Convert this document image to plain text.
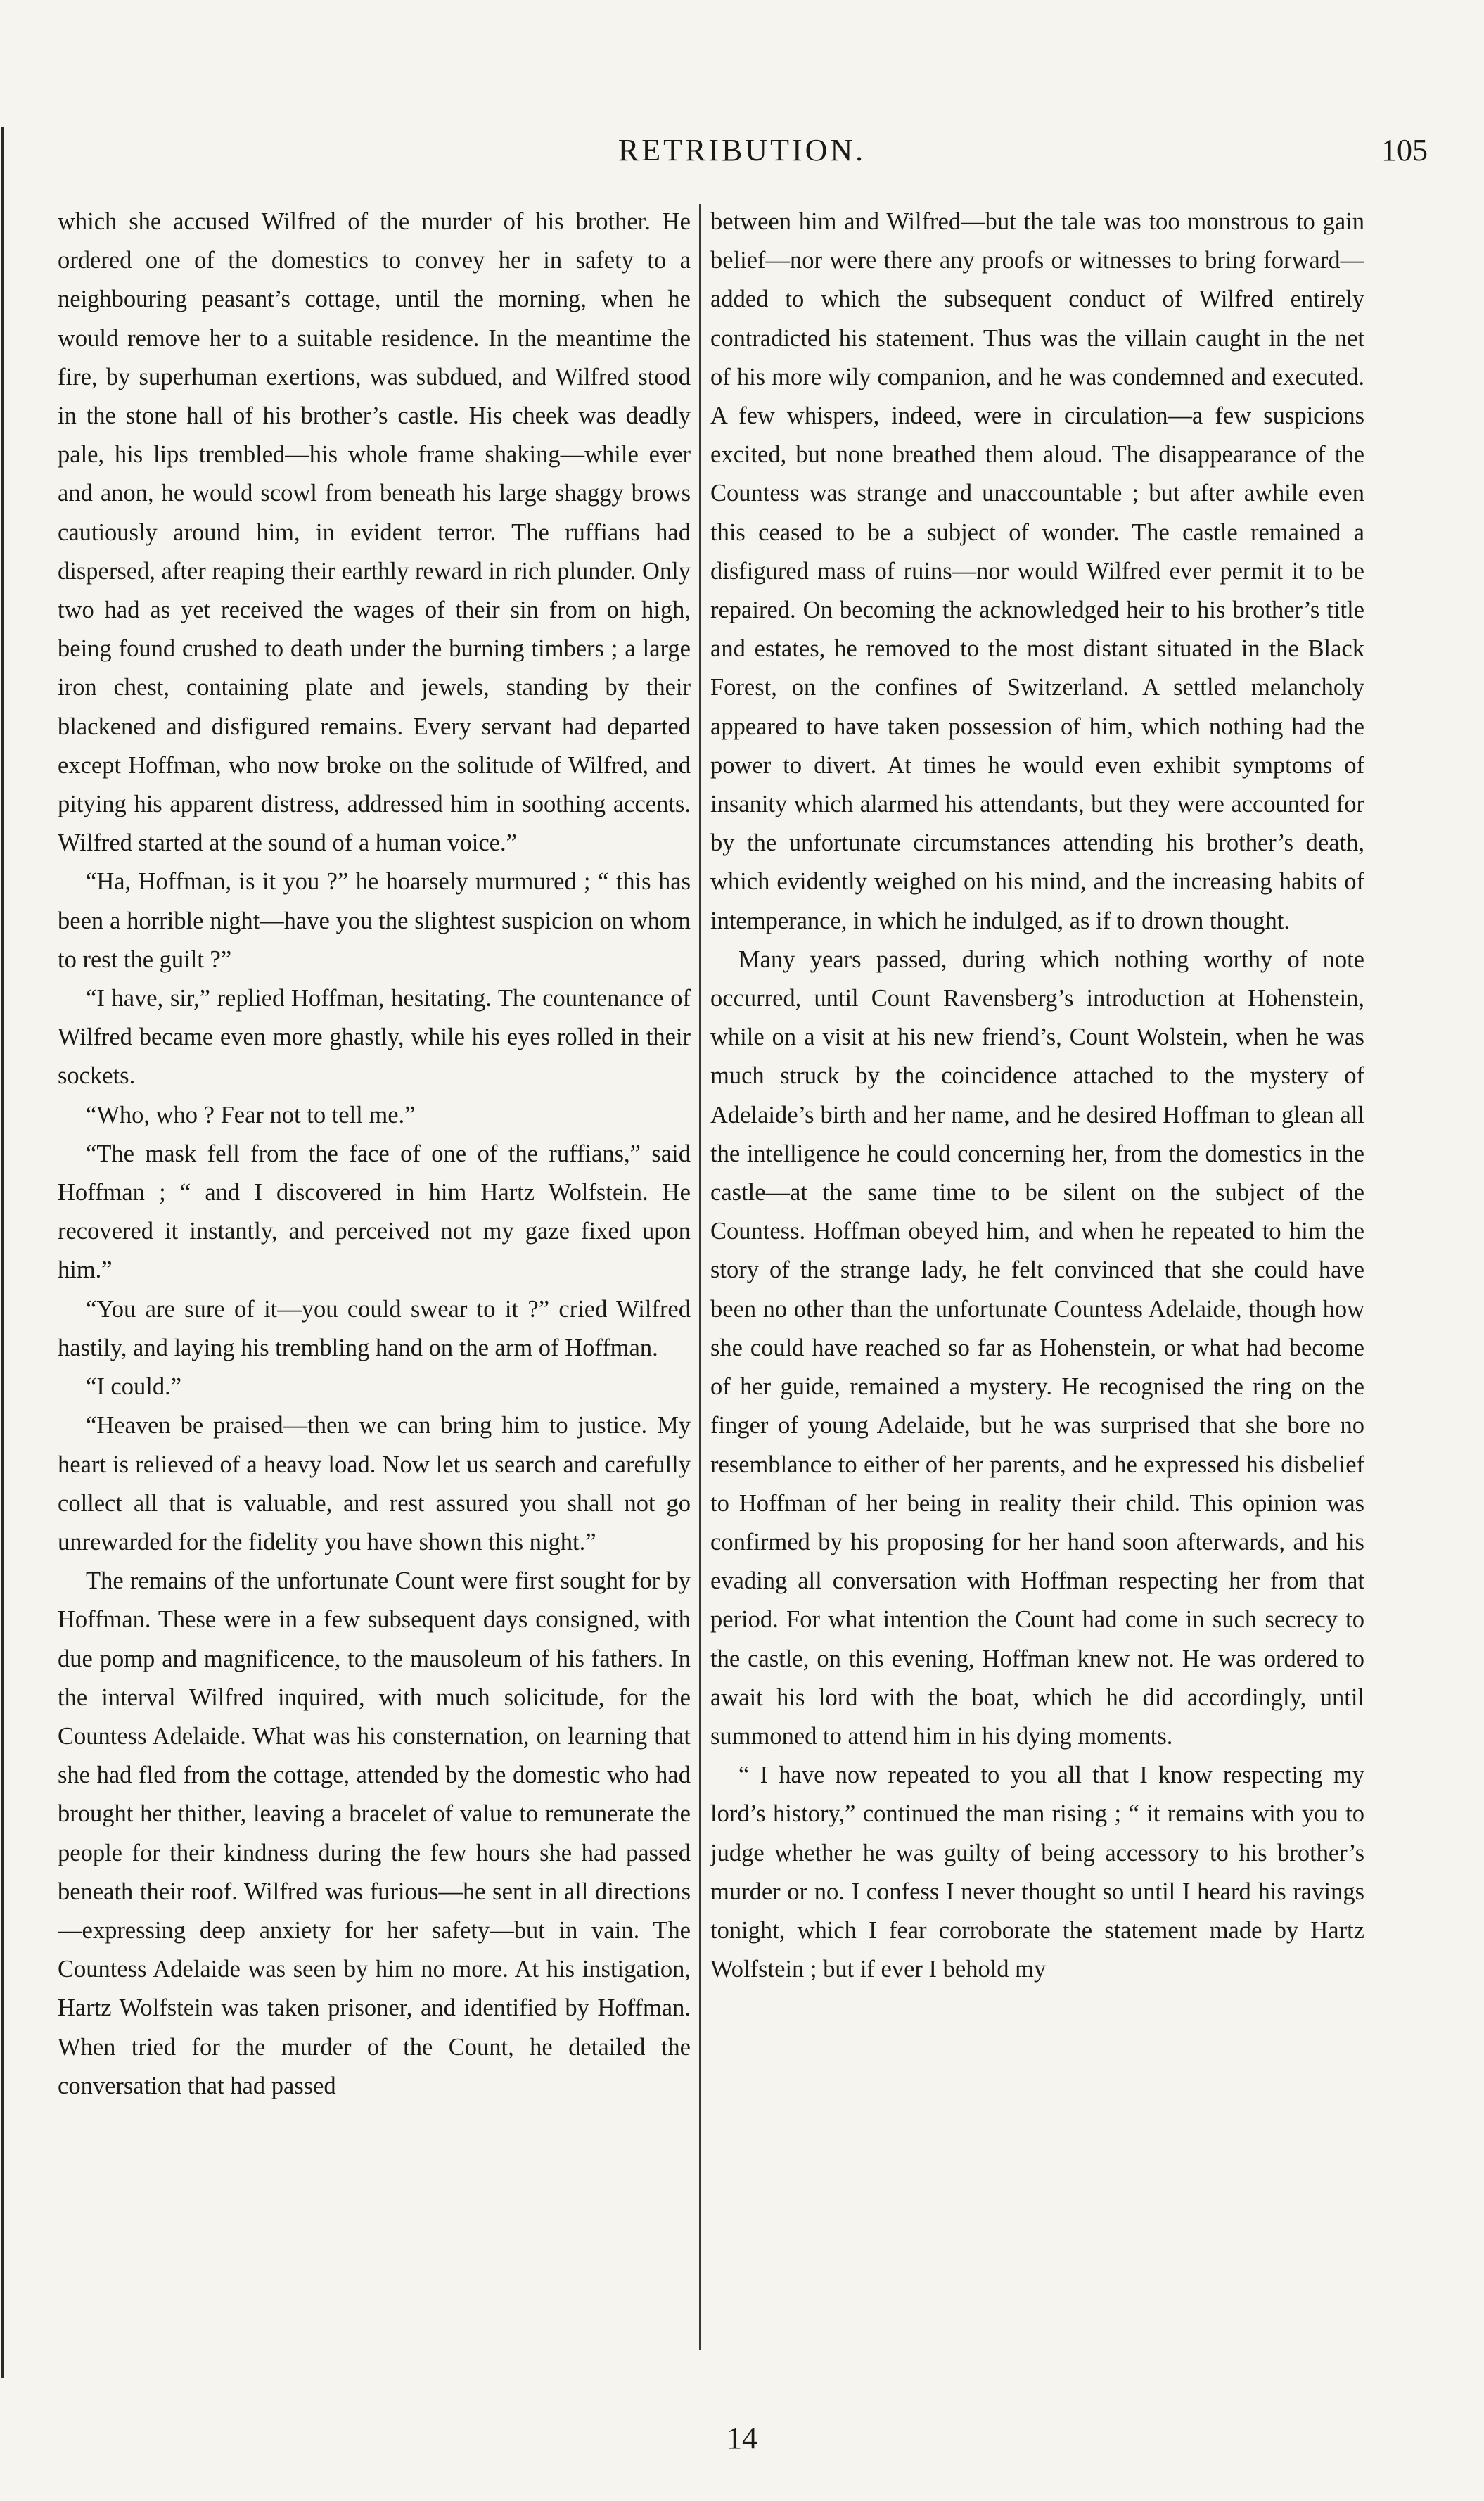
RETRIBUTION.	105

which she accused Wilfred of the murder of his brother. He ordered one of the domestics to convey her in safety to a neighbouring peasant’s cottage, until the morning, when he would remove her to a suitable residence. In the meantime the fire, by superhuman exertions, was subdued, and Wilfred stood in the stone hall of his brother’s castle. His cheek was deadly pale, his lips trembled—his whole frame shaking—while ever and anon, he would scowl from beneath his large shaggy brows cautiously around him, in evident terror. The ruffians had dispersed, after reaping their earthly reward in rich plunder. Only two had as yet received the wages of their sin from on high, being found crushed to death under the burning timbers ; a large iron chest, containing plate and jewels, standing by their blackened and disfigured remains. Every servant had departed except Hoffman, who now broke on the solitude of Wilfred, and pitying his apparent distress, addressed him in soothing accents. Wilfred started at the sound of a human voice.”

“Ha, Hoffman, is it you ?” he hoarsely murmured ; “ this has been a horrible night—have you the slightest suspicion on whom to rest the guilt ?”

“I have, sir,” replied Hoffman, hesitating. The countenance of Wilfred became even more ghastly, while his eyes rolled in their sockets.

“Who, who ? Fear not to tell me.”

“The mask fell from the face of one of the ruffians,” said Hoffman ; “ and I discovered in him Hartz Wolfstein. He recovered it instantly, and perceived not my gaze fixed upon him.”

“You are sure of it—you could swear to it ?” cried Wilfred hastily, and laying his trembling hand on the arm of Hoffman.

“I could.”

“Heaven be praised—then we can bring him to justice. My heart is relieved of a heavy load. Now let us search and carefully collect all that is valuable, and rest assured you shall not go unrewarded for the fidelity you have shown this night.”

The remains of the unfortunate Count were first sought for by Hoffman. These were in a few subsequent days consigned, with due pomp and magnificence, to the mausoleum of his fathers. In the interval Wilfred inquired, with much solicitude, for the Countess Adelaide. What was his consternation, on learning that she had fled from the cottage, attended by the domestic who had brought her thither, leaving a bracelet of value to remunerate the people for their kindness during the few hours she had passed beneath their roof. Wilfred was furious—he sent in all directions—expressing deep anxiety for her safety—but in vain. The Countess Adelaide was seen by him no more. At his instigation, Hartz Wolfstein was taken prisoner, and identified by Hoffman. When tried for the murder of the Count, he detailed the conversation that had passed

between him and Wilfred—but the tale was too monstrous to gain belief—nor were there any proofs or witnesses to bring forward—added to which the subsequent conduct of Wilfred entirely contradicted his statement. Thus was the villain caught in the net of his more wily companion, and he was condemned and executed. A few whispers, indeed, were in circulation—a few suspicions excited, but none breathed them aloud. The disappearance of the Countess was strange and unaccountable ; but after awhile even this ceased to be a subject of wonder. The castle remained a disfigured mass of ruins—nor would Wilfred ever permit it to be repaired. On becoming the acknowledged heir to his brother’s title and estates, he removed to the most distant situated in the Black Forest, on the confines of Switzerland. A settled melancholy appeared to have taken possession of him, which nothing had the power to divert. At times he would even exhibit symptoms of insanity which alarmed his attendants, but they were accounted for by the unfortunate circumstances attending his brother’s death, which evidently weighed on his mind, and the increasing habits of intemperance, in which he indulged, as if to drown thought.

Many years passed, during which nothing worthy of note occurred, until Count Ravensberg’s introduction at Hohenstein, while on a visit at his new friend’s, Count Wolstein, when he was much struck by the coincidence attached to the mystery of Adelaide’s birth and her name, and he desired Hoffman to glean all the intelligence he could concerning her, from the domestics in the castle—at the same time to be silent on the subject of the Countess. Hoffman obeyed him, and when he repeated to him the story of the strange lady, he felt convinced that she could have been no other than the unfortunate Countess Adelaide, though how she could have reached so far as Hohenstein, or what had become of her guide, remained a mystery. He recognised the ring on the finger of young Adelaide, but he was surprised that she bore no resemblance to either of her parents, and he expressed his disbelief to Hoffman of her being in reality their child. This opinion was confirmed by his proposing for her hand soon afterwards, and his evading all conversation with Hoffman respecting her from that period. For what intention the Count had come in such secrecy to the castle, on this evening, Hoffman knew not. He was ordered to await his lord with the boat, which he did accordingly, until summoned to attend him in his dying moments.

“ I have now repeated to you all that I know respecting my lord’s history,” continued the man rising ; “ it remains with you to judge whether he was guilty of being accessory to his brother’s murder or no. I confess I never thought so until I heard his ravings tonight, which I fear corroborate the statement made by Hartz Wolfstein ; but if ever I behold my

14
